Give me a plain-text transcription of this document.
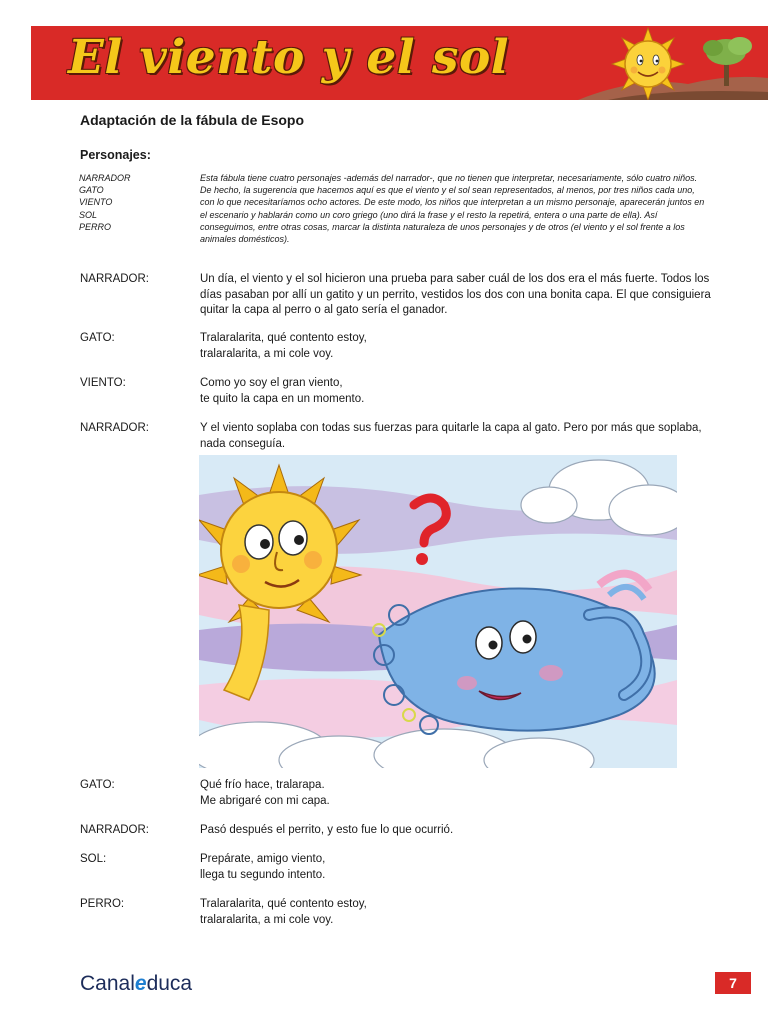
El viento y el sol
Adaptación de la fábula de Esopo
Personajes:
NARRADOR
GATO
VIENTO
SOL
PERRO

Esta fábula tiene cuatro personajes -además del narrador-, que no tienen que interpretar, necesariamente, sólo cuatro niños. De hecho, la sugerencia que hacemos aquí es que el viento y el sol sean representados, al menos, por tres niños cada uno, con lo que necesitaríamos ocho actores. De este modo, los niños que interpretan a un mismo personaje, aparecerán juntos en el escenario y hablarán como un coro griego (uno dirá la frase y el resto la repetirá, entera o una parte de ella). Así conseguimos, entre otras cosas, marcar la distinta naturaleza de unos personajes y de otros (el viento y el sol frente a los animales domésticos).

NARRADOR:	Un día, el viento y el sol hicieron una prueba para saber cuál de los dos era el más fuerte. Todos los días pasaban por allí un gatito y un perrito, vestidos los dos con una bonita capa. El que consiguiera quitar la capa al perro o al gato sería el ganador.
GATO:	Tralaralarita, qué contento estoy,
tralaralarita, a mi cole voy.
VIENTO:	Como yo soy el gran viento,
te quito la capa en un momento.
NARRADOR:	Y el viento soplaba con todas sus fuerzas para quitarle la capa al gato. Pero por más que soplaba, nada conseguía.
GATO:	Qué frío hace, tralarapa.
Me abrigaré con mi capa.
NARRADOR:	Pasó después el perrito, y esto fue lo que ocurrió.
SOL:	Prepárate, amigo viento,
llega tu segundo intento.
PERRO:	Tralaralarita, qué contento estoy,
tralaralarita, a mi cole voy.
Canaleduca	7
